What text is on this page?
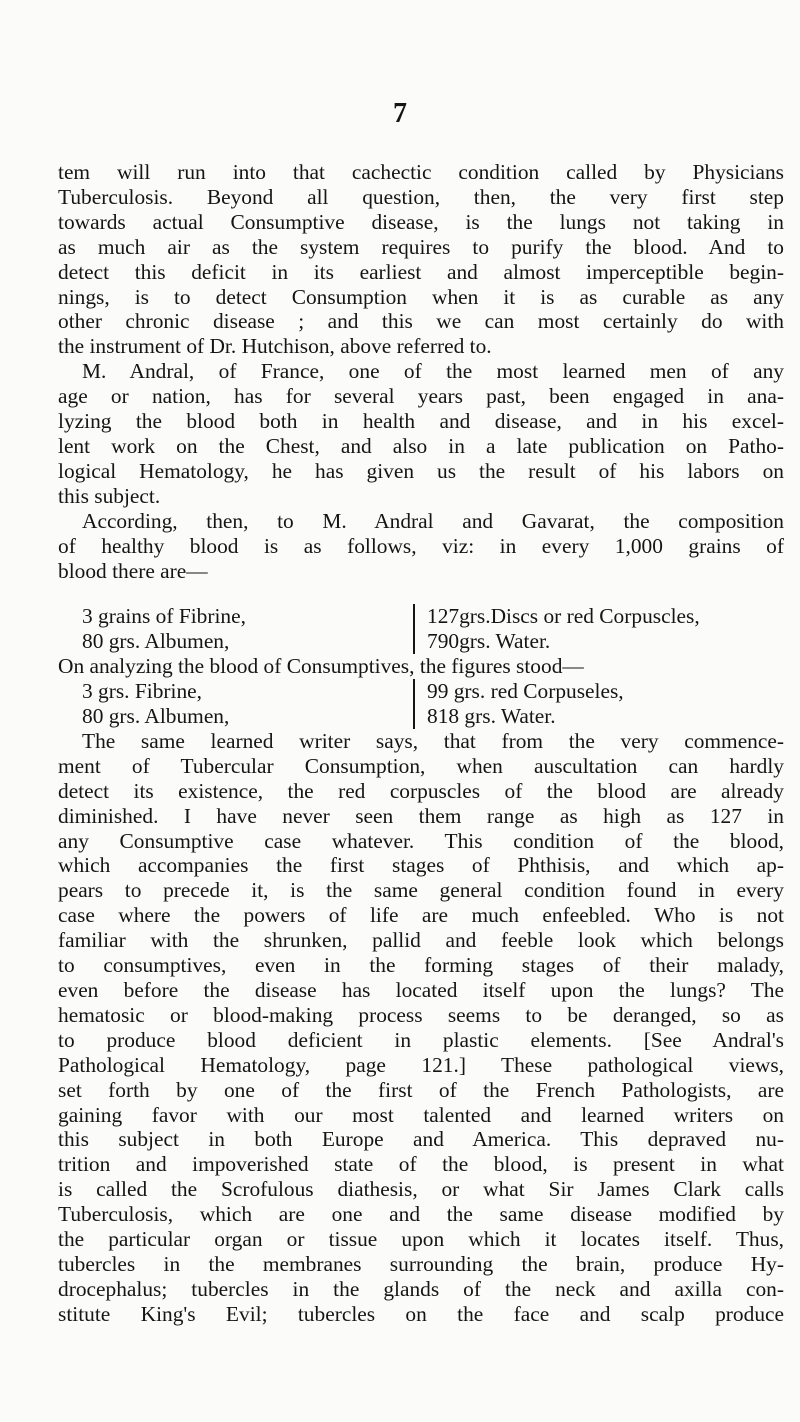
7
tem will run into that cachectic condition called by Physicians
Tuberculosis. Beyond all question, then, the very first step
towards actual Consumptive disease, is the lungs not taking in
as much air as the system requires to purify the blood. And to
detect this deficit in its earliest and almost imperceptible begin-
nings, is to detect Consumption when it is as curable as any
other chronic disease ; and this we can most certainly do with
the instrument of Dr. Hutchison, above referred to.
M. Andral, of France, one of the most learned men of any
age or nation, has for several years past, been engaged in ana-
lyzing the blood both in health and disease, and in his excel-
lent work on the Chest, and also in a late publication on Patho-
logical Hematology, he has given us the result of his labors on
this subject.
According, then, to M. Andral and Gavarat, the composition
of healthy blood is as follows, viz: in every 1,000 grains of
blood there are—
3 grains of Fibrine,
80 grs. Albumen,
127grs.Discs or red Corpuscles,
790grs. Water.
On analyzing the blood of Consumptives, the figures stood—
3 grs. Fibrine,
80 grs. Albumen,
99 grs. red Corpuseles,
818 grs. Water.
The same learned writer says, that from the very commence-
ment of Tubercular Consumption, when auscultation can hardly
detect its existence, the red corpuscles of the blood are already
diminished. I have never seen them range as high as 127 in
any Consumptive case whatever. This condition of the blood,
which accompanies the first stages of Phthisis, and which ap-
pears to precede it, is the same general condition found in every
case where the powers of life are much enfeebled. Who is not
familiar with the shrunken, pallid and feeble look which belongs
to consumptives, even in the forming stages of their malady,
even before the disease has located itself upon the lungs? The
hematosic or blood-making process seems to be deranged, so as
to produce blood deficient in plastic elements. [See Andral's
Pathological Hematology, page 121.] These pathological views,
set forth by one of the first of the French Pathologists, are
gaining favor with our most talented and learned writers on
this subject in both Europe and America. This depraved nu-
trition and impoverished state of the blood, is present in what
is called the Scrofulous diathesis, or what Sir James Clark calls
Tuberculosis, which are one and the same disease modified by
the particular organ or tissue upon which it locates itself. Thus,
tubercles in the membranes surrounding the brain, produce Hy-
drocephalus; tubercles in the glands of the neck and axilla con-
stitute King's Evil; tubercles on the face and scalp produce
